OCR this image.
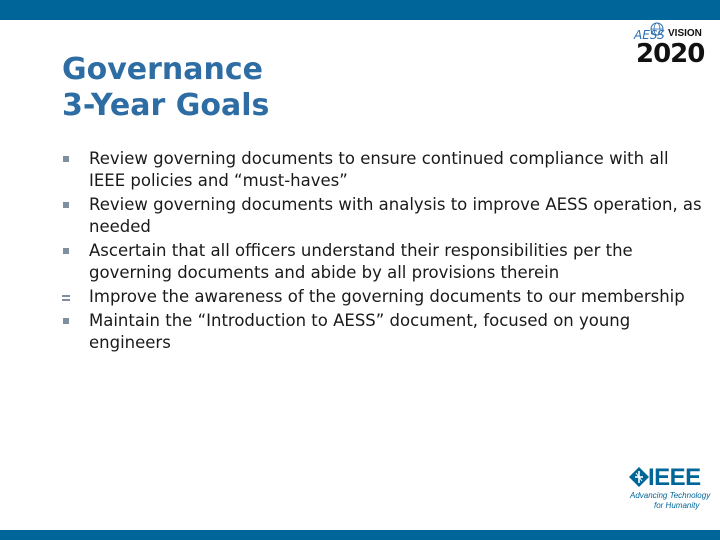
Governance
3-Year Goals
AESS VISION
2020
Review governing documents to ensure continued compliance with all IEEE policies and “must-haves”
Review governing documents with analysis to improve AESS operation, as needed
Ascertain that all officers understand their responsibilities per the governing documents and abide by all provisions therein
Improve the awareness of the governing documents to our membership
Maintain the “Introduction to AESS” document, focused on young engineers
IEEE
Advancing Technology
for Humanity
